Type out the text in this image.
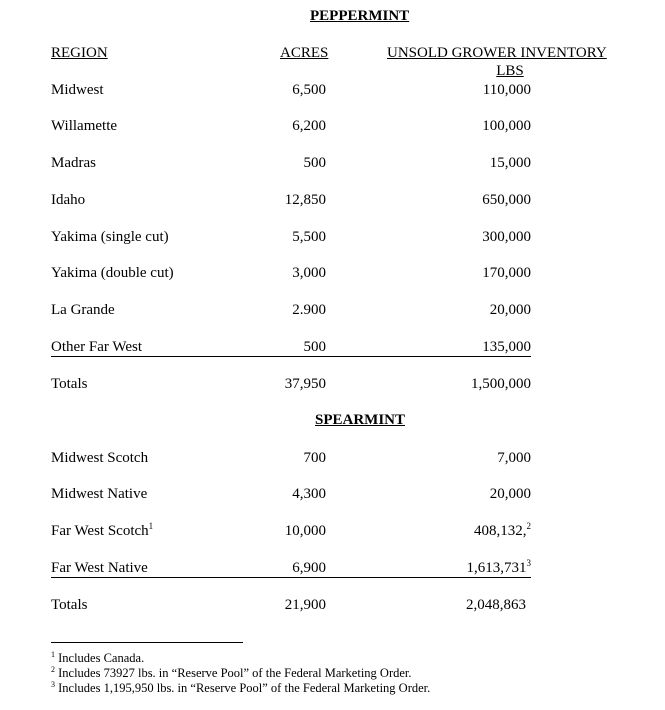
PEPPERMINT
REGION	ACRES	UNSOLD GROWER INVENTORY
LBS
Midwest	6,500	110,000
Willamette	6,200	100,000
Madras	500	15,000
Idaho	12,850	650,000
Yakima (single cut)	5,500	300,000
Yakima (double cut)	3,000	170,000
La Grande	2.900	20,000
Other Far West	500	135,000
Totals	37,950	1,500,000
SPEARMINT
Midwest Scotch	700	7,000
Midwest Native	4,300	20,000
Far West Scotch$^1$	10,000	408,132,$^2$
Far West Native	6,900	1,613,731$^3$
Totals	21,900	2,048,863
$^1$ Includes Canada.
$^2$ Includes 73927 lbs. in “Reserve Pool” of the Federal Marketing Order.
$^3$ Includes 1,195,950 lbs. in “Reserve Pool” of the Federal Marketing Order.
